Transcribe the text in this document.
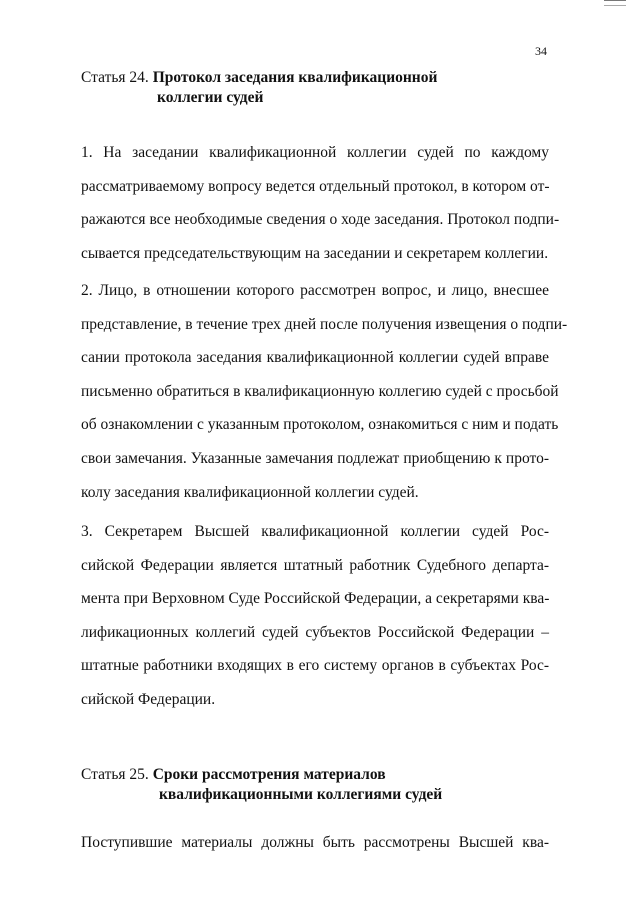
34
Статья 24. Протокол заседания квалификационной
коллегии судей
1. На заседании квалификационной коллегии судей по каждому
рассматриваемому вопросу ведется отдельный протокол, в котором от-
ражаются все необходимые сведения о ходе заседания. Протокол подпи-
сывается председательствующим на заседании и секретарем коллегии.
2. Лицо, в отношении которого рассмотрен вопрос, и лицо, внесшее
представление, в течение трех дней после получения извещения о подпи-
сании протокола заседания квалификационной коллегии судей вправе
письменно обратиться в квалификационную коллегию судей с просьбой
об ознакомлении с указанным протоколом, ознакомиться с ним и подать
свои замечания. Указанные замечания подлежат приобщению к прото-
колу заседания квалификационной коллегии судей.
3. Секретарем Высшей квалификационной коллегии судей Рос-
сийской Федерации является штатный работник Судебного департа-
мента при Верховном Суде Российской Федерации, а секретарями ква-
лификационных коллегий судей субъектов Российской Федерации –
штатные работники входящих в его систему органов в субъектах Рос-
сийской Федерации.
Статья 25. Сроки рассмотрения материалов
квалификационными коллегиями судей
Поступившие материалы должны быть рассмотрены Высшей ква-
